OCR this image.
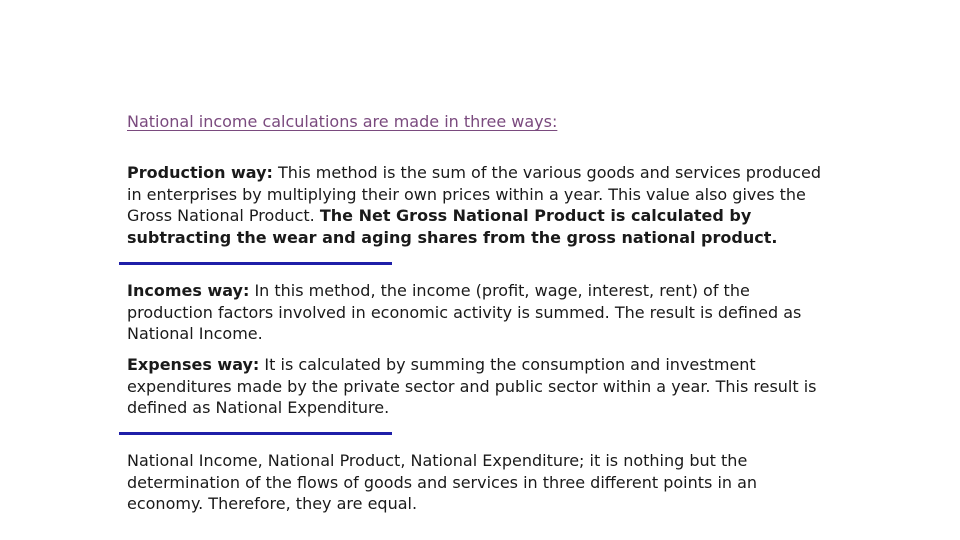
National income calculations are made in three ways:
Production way: This method is the sum of the various goods and services produced in enterprises by multiplying their own prices within a year. This value also gives the Gross National Product. The Net Gross National Product is calculated by subtracting the wear and aging shares from the gross national product.
Incomes way: In this method, the income (profit, wage, interest, rent) of the production factors involved in economic activity is summed. The result is defined as National Income.
Expenses way: It is calculated by summing the consumption and investment expenditures made by the private sector and public sector within a year. This result is defined as National Expenditure.
National Income, National Product, National Expenditure; it is nothing but the determination of the flows of goods and services in three different points in an economy. Therefore, they are equal.
